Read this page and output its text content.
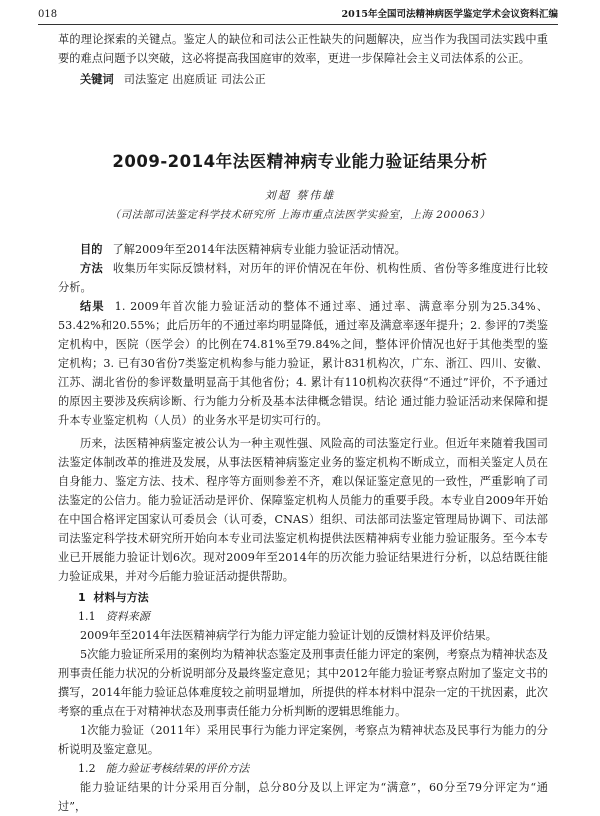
018	2015年全国司法精神病医学鉴定学术会议资料汇编

革的理论探索的关键点。鉴定人的缺位和司法公正性缺失的问题解决，应当作为我国司法实践中重要的难点问题予以突破，这必将提高我国庭审的效率，更进一步保障社会主义司法体系的公正。

关键词 司法鉴定 出庭质证 司法公正

2009-2014年法医精神病专业能力验证结果分析
刘超 蔡伟雄
（司法部司法鉴定科学技术研究所 上海市重点法医学实验室，上海 200063）

目的 了解2009年至2014年法医精神病专业能力验证活动情况。

方法 收集历年实际反馈材料，对历年的评价情况在年份、机构性质、省份等多维度进行比较分析。

结果 1. 2009年首次能力验证活动的整体不通过率、通过率、满意率分别为25.34%、53.42%和20.55%；此后历年的不通过率均明显降低，通过率及满意率逐年提升；2. 参评的7类鉴定机构中，医院（医学会）的比例在74.81%至79.84%之间，整体评价情况也好于其他类型的鉴定机构；3. 已有30省份7类鉴定机构参与能力验证，累计831机构次，广东、浙江、四川、安徽、江苏、湖北省份的参评数量明显高于其他省份；4. 累计有110机构次获得“不通过”评价，不予通过的原因主要涉及疾病诊断、行为能力分析及基本法律概念错误。结论 通过能力验证活动来保障和提升本专业鉴定机构（人员）的业务水平是切实可行的。

历来，法医精神病鉴定被公认为一种主观性强、风险高的司法鉴定行业。但近年来随着我国司法鉴定体制改革的推进及发展，从事法医精神病鉴定业务的鉴定机构不断成立，而相关鉴定人员在自身能力、鉴定方法、技术、程序等方面则参差不齐，难以保证鉴定意见的一致性，严重影响了司法鉴定的公信力。能力验证活动是评价、保障鉴定机构人员能力的重要手段。本专业自2009年开始在中国合格评定国家认可委员会（认可委，CNAS）组织、司法部司法鉴定管理局协调下、司法部司法鉴定科学技术研究所开始向本专业司法鉴定机构提供法医精神病专业能力验证服务。至今本专业已开展能力验证计划6次。现对2009年至2014年的历次能力验证结果进行分析，以总结既往能力验证成果，并对今后能力验证活动提供帮助。

1 材料与方法

1.1 资料来源

2009年至2014年法医精神病学行为能力评定能力验证计划的反馈材料及评价结果。

5次能力验证所采用的案例均为精神状态鉴定及刑事责任能力评定的案例，考察点为精神状态及刑事责任能力状况的分析说明部分及最终鉴定意见；其中2012年能力验证考察点附加了鉴定文书的撰写，2014年能力验证总体难度较之前明显增加，所提供的样本材料中混杂一定的干扰因素，此次考察的重点在于对精神状态及刑事责任能力分析判断的逻辑思维能力。

1次能力验证（2011年）采用民事行为能力评定案例，考察点为精神状态及民事行为能力的分析说明及鉴定意见。

1.2 能力验证考核结果的评价方法

能力验证结果的计分采用百分制，总分80分及以上评定为“满意”，60分至79分评定为“通过”，
